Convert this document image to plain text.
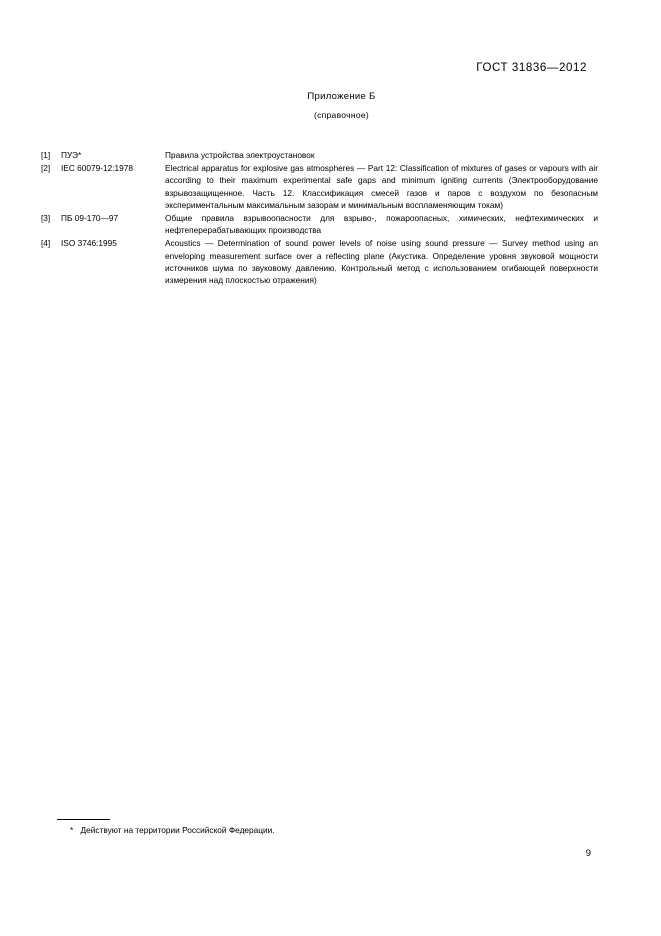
ГОСТ 31836—2012
Приложение Б
(справочное)
[1]	ПУЭ*	Правила устройства электроустановок
[2]	IEC 60079-12:1978	Electrical apparatus for explosive gas atmospheres — Part 12: Classification of mixtures of gases or vapours with air according to their maximum experimental safe gaps and minimum igniting currents (Электрооборудование взрывозащищенное. Часть 12. Классификация смесей газов и паров с воздухом по безопасным экспериментальным максимальным зазорам и минимальным воспламеняющим токам)
[3]	ПБ 09-170—97	Общие правила взрывоопасности для взрыво-, пожароопасных, химических, нефтехимических и нефтеперерабатывающих производства
[4]	ISO 3746:1995	Acoustics — Determination of sound power levels of noise using sound pressure — Survey method using an enveloping measurement surface over a reflecting plane (Акустика. Определение уровня звуковой мощности источников шума по звуковому давлению. Контрольный метод с использованием огибающей поверхности измерения над плоскостью отражения)
* Действуют на территории Российской Федерации.
9
